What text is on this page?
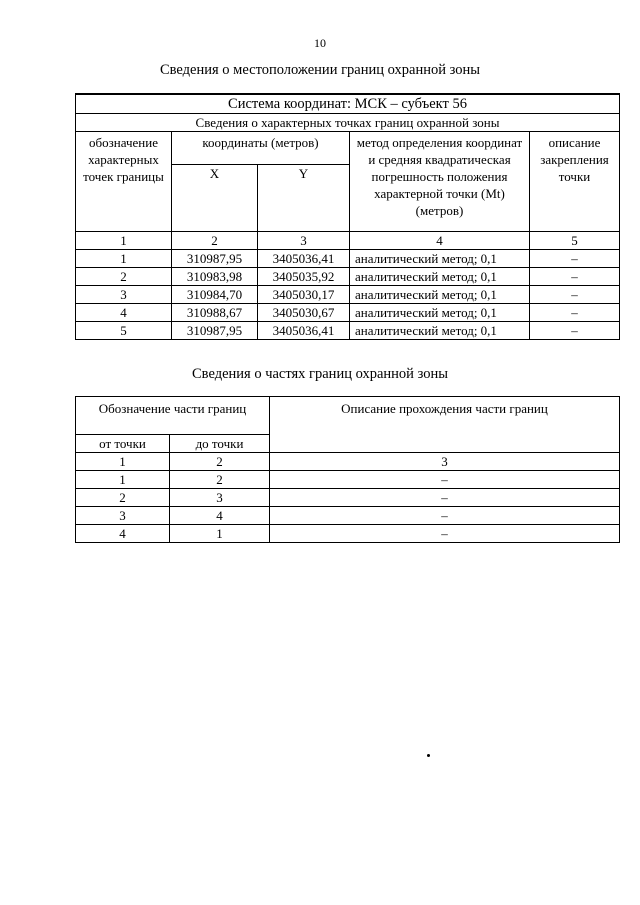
10
Сведения о местоположении границ охранной зоны
Система координат: МСК – субъект 56				
Сведения о характерных точках границ охранной зоны				
обозначение характерных точек границы	координаты (метров)		метод определения координат и средняя квадратическая погрешность положения характерной точки (Mt) (метров)	описание закрепления точки
	X	Y		
1	2	3	4	5
1	310987,95	3405036,41	аналитический метод; 0,1	–
2	310983,98	3405035,92	аналитический метод; 0,1	–
3	310984,70	3405030,17	аналитический метод; 0,1	–
4	310988,67	3405030,67	аналитический метод; 0,1	–
5	310987,95	3405036,41	аналитический метод; 0,1	–
Сведения о частях границ охранной зоны
Обозначение части границ		Описание прохождения части границ
от точки	до точки	
1	2	3
1	2	–
2	3	–
3	4	–
4	1	–
